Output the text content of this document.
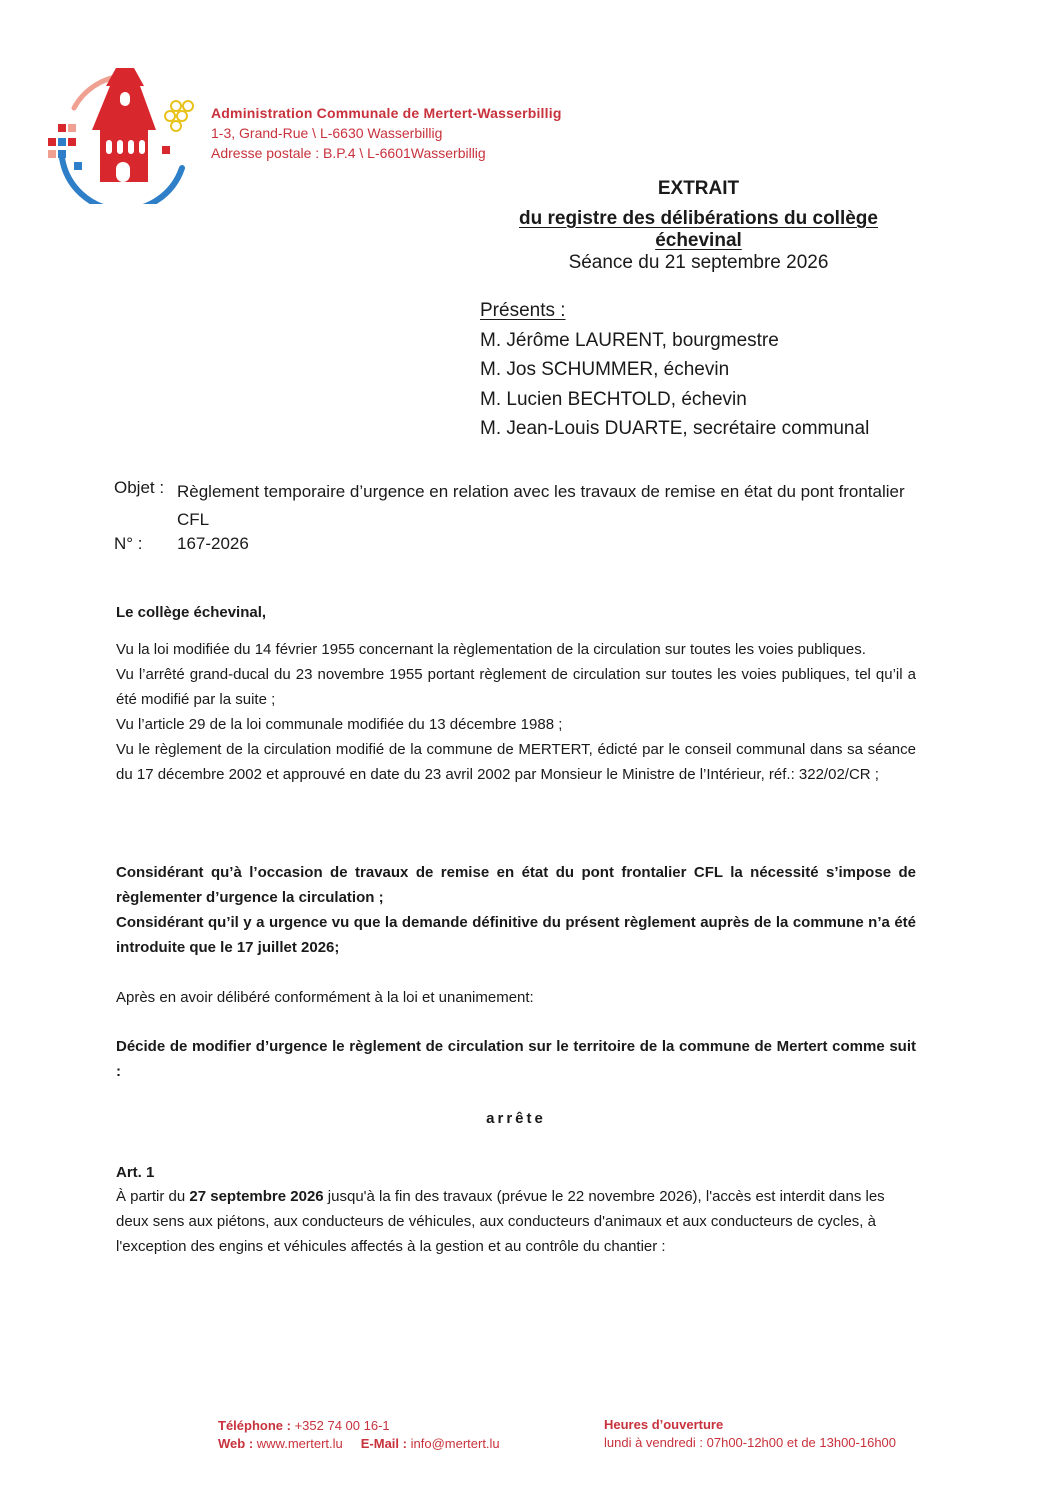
Administration Communale de Mertert-Wasserbillig
1-3, Grand-Rue \ L-6630 Wasserbillig
Adresse postale : B.P.4 \ L-6601Wasserbillig
EXTRAIT
du registre des délibérations du collège échevinal
Séance du 21 septembre 2026
Présents :
M. Jérôme LAURENT, bourgmestre
M. Jos SCHUMMER, échevin
M. Lucien BECHTOLD, échevin
M. Jean-Louis DUARTE, secrétaire communal
Objet : Règlement temporaire d’urgence en relation avec les travaux de remise en état du pont frontalier CFL
N° : 167-2026
Le collège échevinal,

Vu la loi modifiée du 14 février 1955 concernant la règlementation de la circulation sur toutes les voies publiques.

Vu l’arrêté grand-ducal du 23 novembre 1955 portant règlement de circulation sur toutes les voies publiques, tel qu’il a été modifié par la suite ;

Vu l’article 29 de la loi communale modifiée du 13 décembre 1988 ;

Vu le règlement de la circulation modifié de la commune de MERTERT, édicté par le conseil communal dans sa séance du 17 décembre 2002 et approuvé en date du 23 avril 2002 par Monsieur le Ministre de l’Intérieur, réf.: 322/02/CR ;

Considérant qu’à l’occasion de travaux de remise en état du pont frontalier CFL la nécessité s’impose de règlementer d’urgence la circulation ;

Considérant qu’il y a urgence vu que la demande définitive du présent règlement auprès de la commune n’a été introduite que le 17 juillet 2026;

Après en avoir délibéré conformément à la loi et unanimement:
Décide de modifier d’urgence le règlement de circulation sur le territoire de la commune de Mertert comme suit :
arrête
Art. 1
À partir du 27 septembre 2026 jusqu'à la fin des travaux (prévue le 22 novembre 2026), l'accès est interdit dans les deux sens aux piétons, aux conducteurs de véhicules, aux conducteurs d'animaux et aux conducteurs de cycles, à l'exception des engins et véhicules affectés à la gestion et au contrôle du chantier :
Téléphone : +352 74 00 16-1
Web : www.mertert.lu E-Mail : info@mertert.lu
Heures d’ouverture
lundi à vendredi : 07h00-12h00 et de 13h00-16h00
